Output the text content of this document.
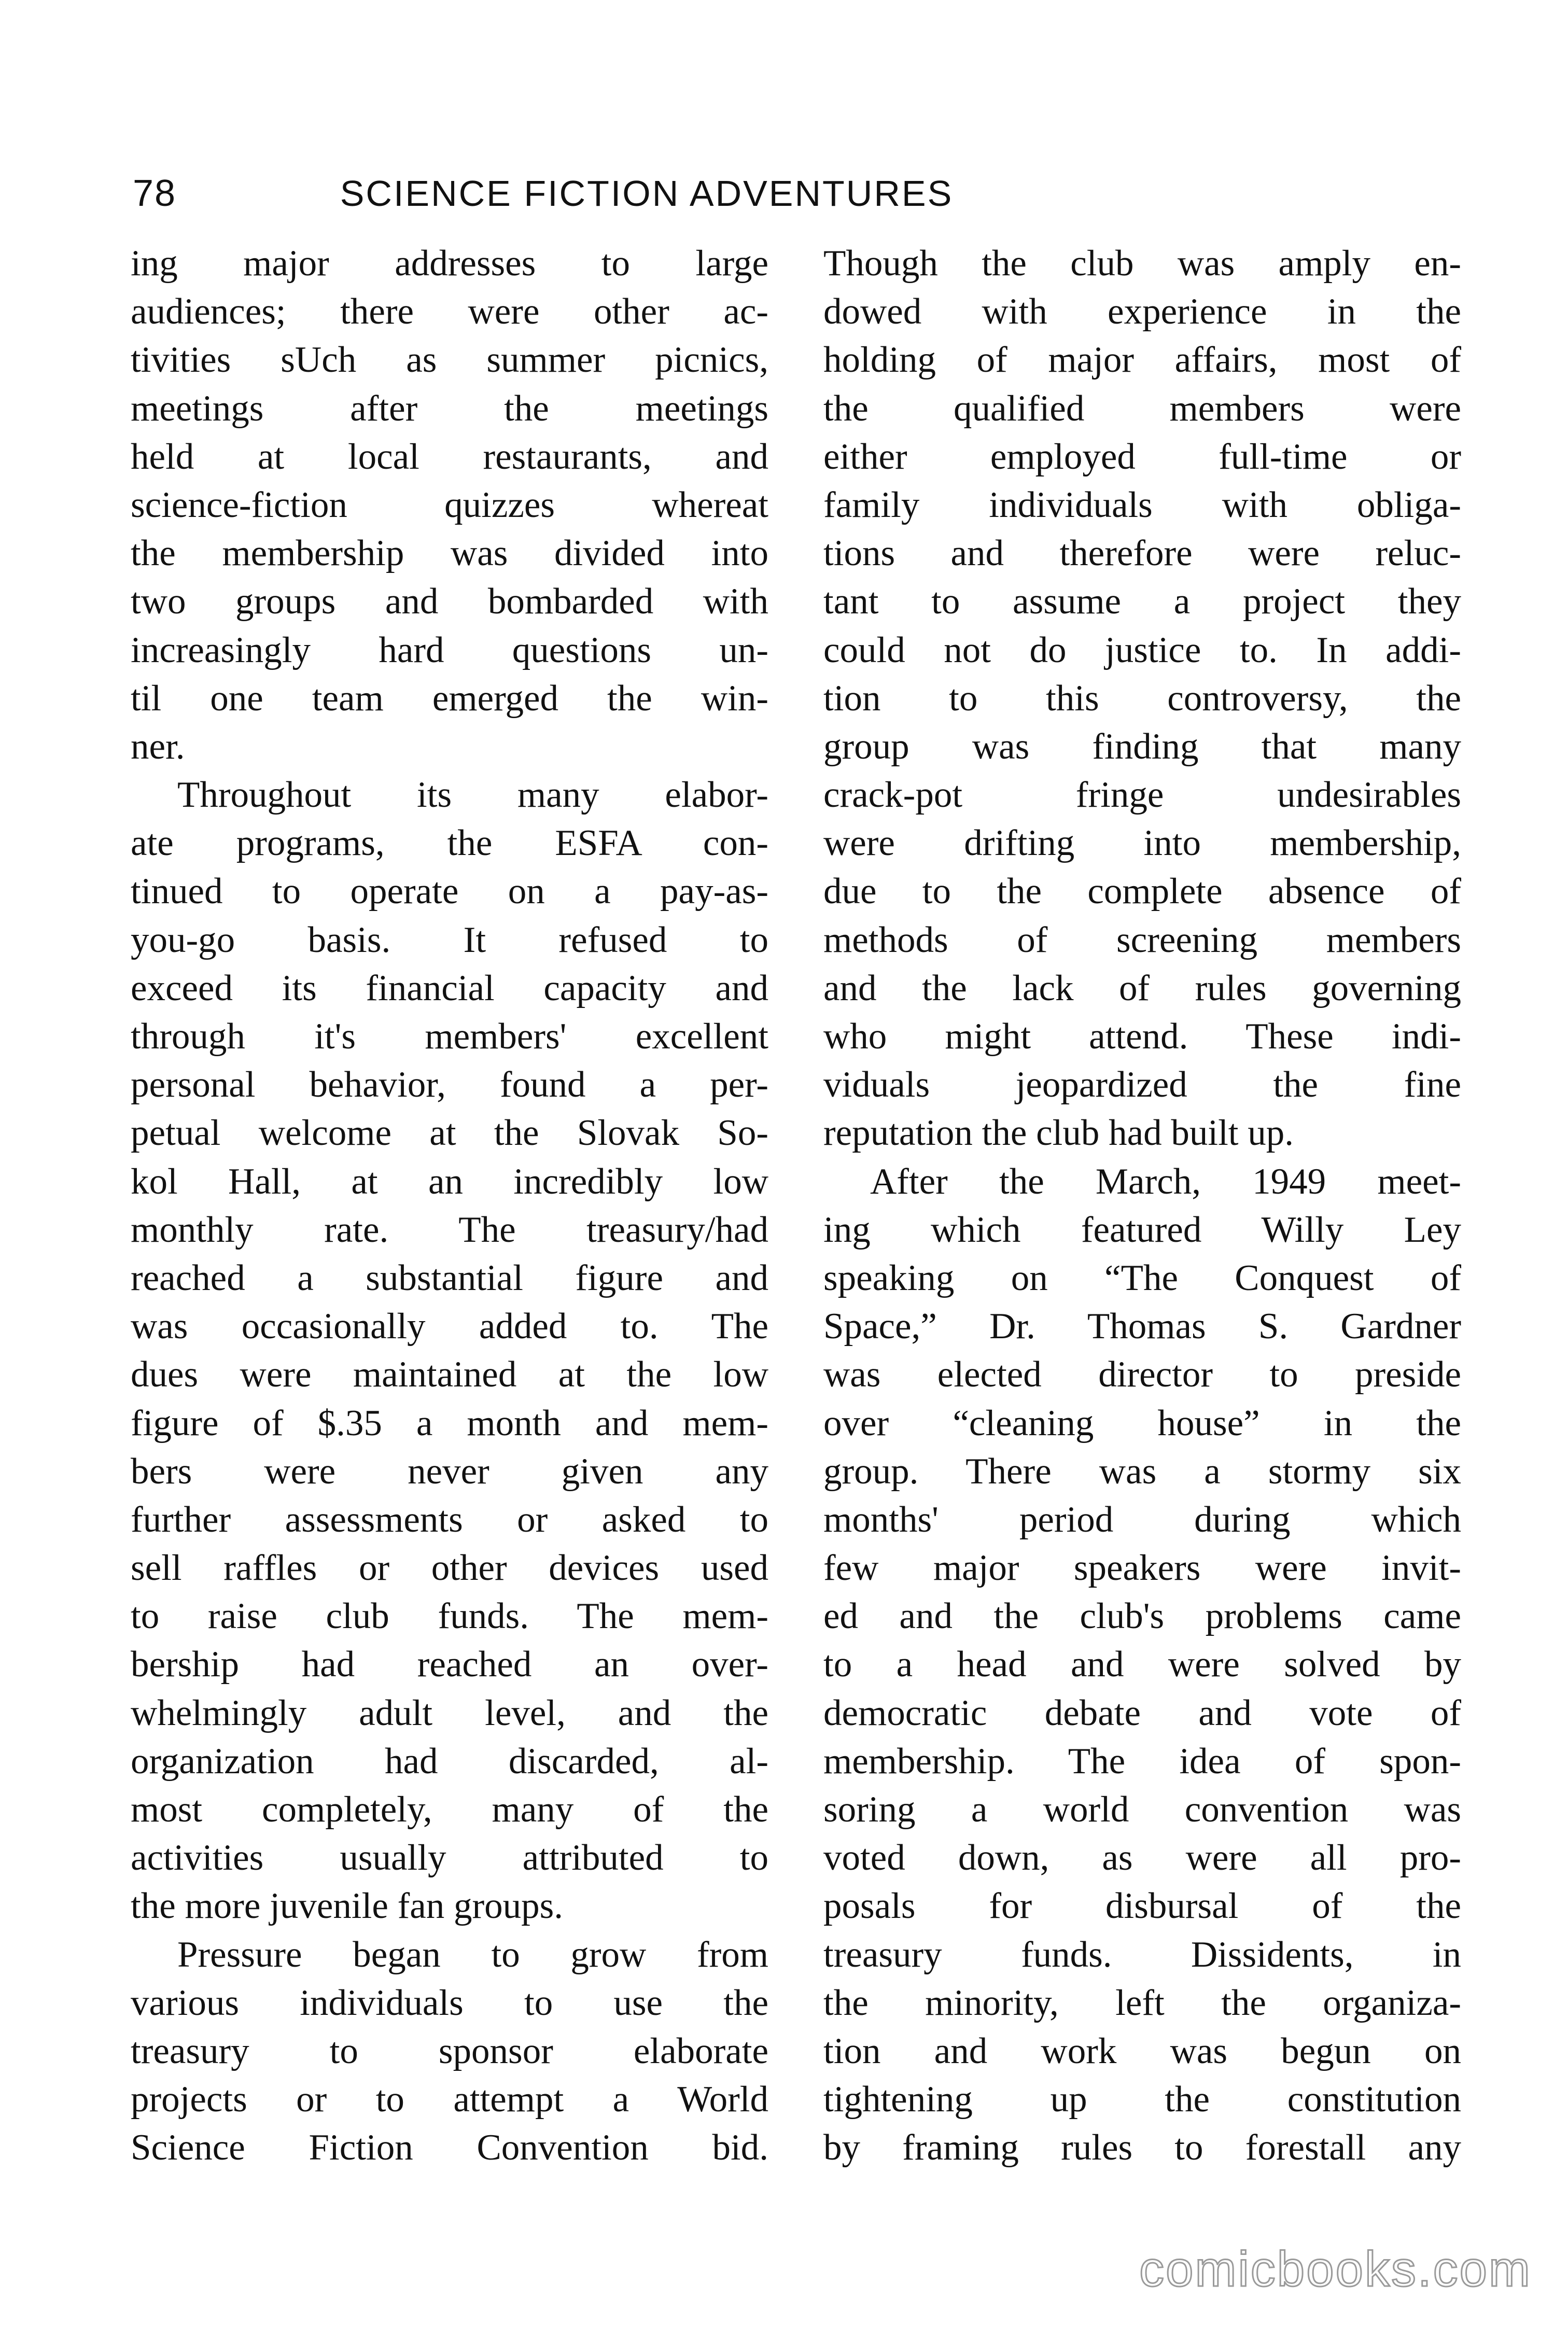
78	SCIENCE FICTION ADVENTURES
ing major addresses to large
audiences; there were other ac-
tivities sUch as summer picnics,
meetings after the meetings
held at local restaurants, and
science-fiction quizzes whereat
the membership was divided into
two groups and bombarded with
increasingly hard questions un-
til one team emerged the win-
ner.
Throughout its many elabor-
ate programs, the ESFA con-
tinued to operate on a pay-as-
you-go basis. It refused to
exceed its financial capacity and
through it's members' excellent
personal behavior, found a per-
petual welcome at the Slovak So-
kol Hall, at an incredibly low
monthly rate. The treasury/had
reached a substantial figure and
was occasionally added to. The
dues were maintained at the low
figure of $.35 a month and mem-
bers were never given any
further assessments or asked to
sell raffles or other devices used
to raise club funds. The mem-
bership had reached an over-
whelmingly adult level, and the
organization had discarded, al-
most completely, many of the
activities usually attributed to
the more juvenile fan groups.
Pressure began to grow from
various individuals to use the
treasury to sponsor elaborate
projects or to attempt a World
Science Fiction Convention bid.
Though the club was amply en-
dowed with experience in the
holding of major affairs, most of
the qualified members were
either employed full-time or
family individuals with obliga-
tions and therefore were reluc-
tant to assume a project they
could not do justice to. In addi-
tion to this controversy, the
group was finding that many
crack-pot fringe undesirables
were drifting into membership,
due to the complete absence of
methods of screening members
and the lack of rules governing
who might attend. These indi-
viduals jeopardized the fine
reputation the club had built up.
After the March, 1949 meet-
ing which featured Willy Ley
speaking on “The Conquest of
Space,” Dr. Thomas S. Gardner
was elected director to preside
over “cleaning house” in the
group. There was a stormy six
months' period during which
few major speakers were invit-
ed and the club's problems came
to a head and were solved by
democratic debate and vote of
membership. The idea of spon-
soring a world convention was
voted down, as were all pro-
posals for disbursal of the
treasury funds. Dissidents, in
the minority, left the organiza-
tion and work was begun on
tightening up the constitution
by framing rules to forestall any
comicbooks.com
